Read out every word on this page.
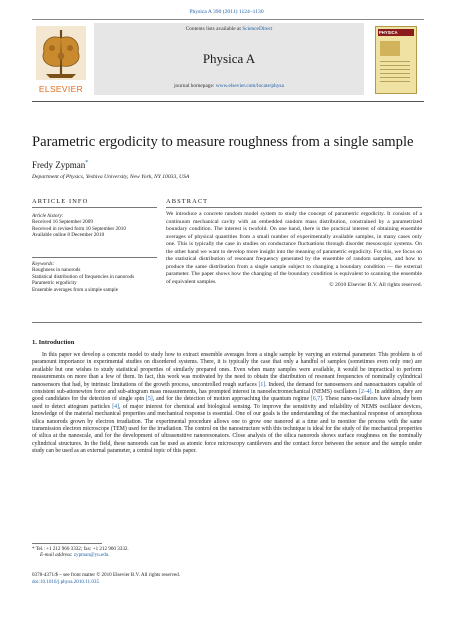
Physica A 390 (2011) 1124–1130
ELSEVIER
Contents lists available at ScienceDirect
Physica A
journal homepage: www.elsevier.com/locate/physa
PHYSICA
Parametric ergodicity to measure roughness from a single sample
Fredy Zypman*
Department of Physics, Yeshiva University, New York, NY 10033, USA
ARTICLE INFO	ABSTRACT
Article history:
Received 16 September 2009
Received in revised form 10 September 2010
Available online 8 December 2010
Keywords:
Roughness in nanorods
Statistical distribution of frequencies in nanorods
Parametric ergodicity
Ensemble averages from a simple sample
We introduce a concrete random model system to study the concept of parametric ergodicity. It consists of a continuum mechanical cavity with an embedded random mass distribution, constrained by a parametrized boundary condition. The interest is twofold. On one hand, there is the practical interest of obtaining ensemble averages of physical quantities from a small number of experimentally available samples, in many cases only one. This is typically the case in studies on conductance fluctuations through disorder mesoscopic systems. On the other hand we want to develop more insight into the meaning of parametric ergodicity. For this, we focus on the statistical distribution of resonant frequency generated by the ensemble of random samples, and how to produce the same distribution from a single sample subject to changing a boundary condition — the external parameter. The paper shows how the changing of the boundary condition is equivalent to scanning the ensemble of equivalent samples.
© 2010 Elsevier B.V. All rights reserved.
1. Introduction
In this paper we develop a concrete model to study how to extract ensemble averages from a single sample by varying an external parameter. This problem is of paramount importance in experimental studies on disordered systems. There, it is typically the case that only a handful of samples (sometimes even only one) are available but one wishes to study statistical properties of similarly prepared ones. Even when many samples were available, it would be impractical to perform measurements on more than a few of them. In fact, this work was motivated by the need to obtain the distribution of resonant frequencies of nominally cylindrical nanosensors that had, by intrinsic limitations of the growth process, uncontrolled rough surfaces [1]. Indeed, the demand for nanosensors and nanoactuators capable of consistent sub-attonewton force and sub-attogram mass measurements, has prompted interest in nanoelectromechanical (NEMS) oscillators [2–4]. In addition, they are good candidates for the detection of single spin [5], and for the detection of motion approaching the quantum regime [6,7]. These nano-oscillators have already been used to detect attogram particles [4], of major interest for chemical and biological sensing. To improve the sensitivity and reliability of NEMS oscillator devices, knowledge of the material mechanical properties and mechanical response is essential. One of our goals is the understanding of the mechanical response of amorphous silica nanorods grown by electron irradiation. The experimental procedure allows one to grow one nanorod at a time and to monitor the process with the same transmission electron microscope (TEM) used for the irradiation. The control on the nanostructure with this technique is ideal for the study of the mechanical properties of silica at the nanoscale, and for the development of ultrasensitive nanoresonators. Close analysis of the silica nanorods shows surface roughness on the nominally cylindrical structures. In the field, these nanorods can be used as atomic force microscopy cantilevers and the contact force between the sensor and the sample under study can be used as an external parameter, a central topic of this paper.
* Tel.: +1 212 960 3332; fax: +1 212 960 3332.
E-mail address: zypman@yu.edu.
0378-4371/$ – see front matter © 2010 Elsevier B.V. All rights reserved.
doi:10.1016/j.physa.2010.11.035
